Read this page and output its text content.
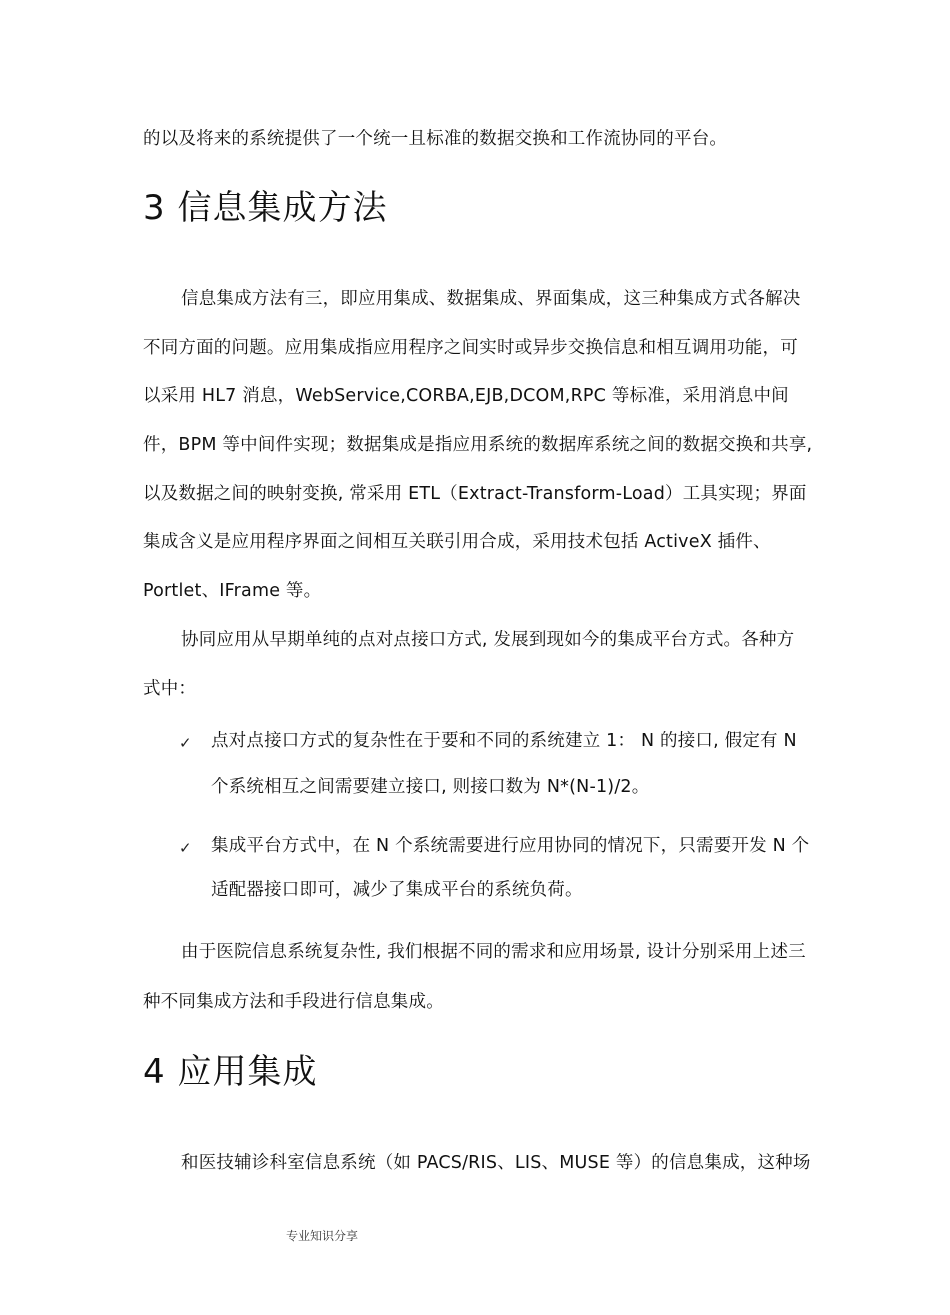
的以及将来的系统提供了一个统一且标准的数据交换和工作流协同的平台。
3 信息集成方法
信息集成方法有三，即应用集成、数据集成、界面集成，这三种集成方式各解决
不同方面的问题。应用集成指应用程序之间实时或异步交换信息和相互调用功能，可
以采用 HL7 消息，WebService,CORBA,EJB,DCOM,RPC 等标准，采用消息中间
件，BPM 等中间件实现；数据集成是指应用系统的数据库系统之间的数据交换和共享,
以及数据之间的映射变换, 常采用 ETL（Extract-Transform-Load）工具实现；界面
集成含义是应用程序界面之间相互关联引用合成，采用技术包括 ActiveX 插件、
Portlet、IFrame 等。
协同应用从早期单纯的点对点接口方式, 发展到现如今的集成平台方式。各种方
式中：
✓ 点对点接口方式的复杂性在于要和不同的系统建立 1： N 的接口, 假定有 N
个系统相互之间需要建立接口, 则接口数为 N*(N-1)/2。
✓ 集成平台方式中，在 N 个系统需要进行应用协同的情况下，只需要开发 N 个
适配器接口即可，减少了集成平台的系统负荷。
由于医院信息系统复杂性, 我们根据不同的需求和应用场景, 设计分别采用上述三
种不同集成方法和手段进行信息集成。
4 应用集成
和医技辅诊科室信息系统（如 PACS/RIS、LIS、MUSE 等）的信息集成，这种场
专业知识分享
